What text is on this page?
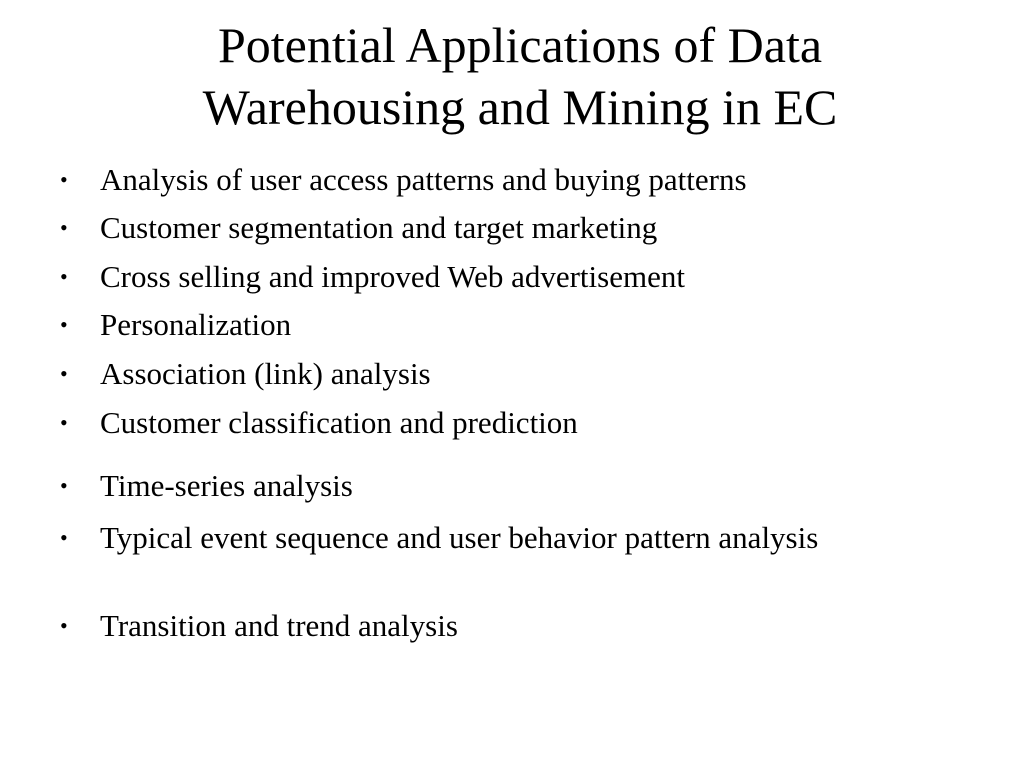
Potential Applications of Data
Warehousing and Mining in EC
•	Analysis of user access patterns and buying patterns
•	Customer segmentation and target marketing
•	Cross selling and improved Web advertisement
•	Personalization
•	Association (link) analysis
•	Customer classification and prediction
•	Time-series analysis
•	Typical event sequence and user behavior pattern analysis
•	Transition and trend analysis
